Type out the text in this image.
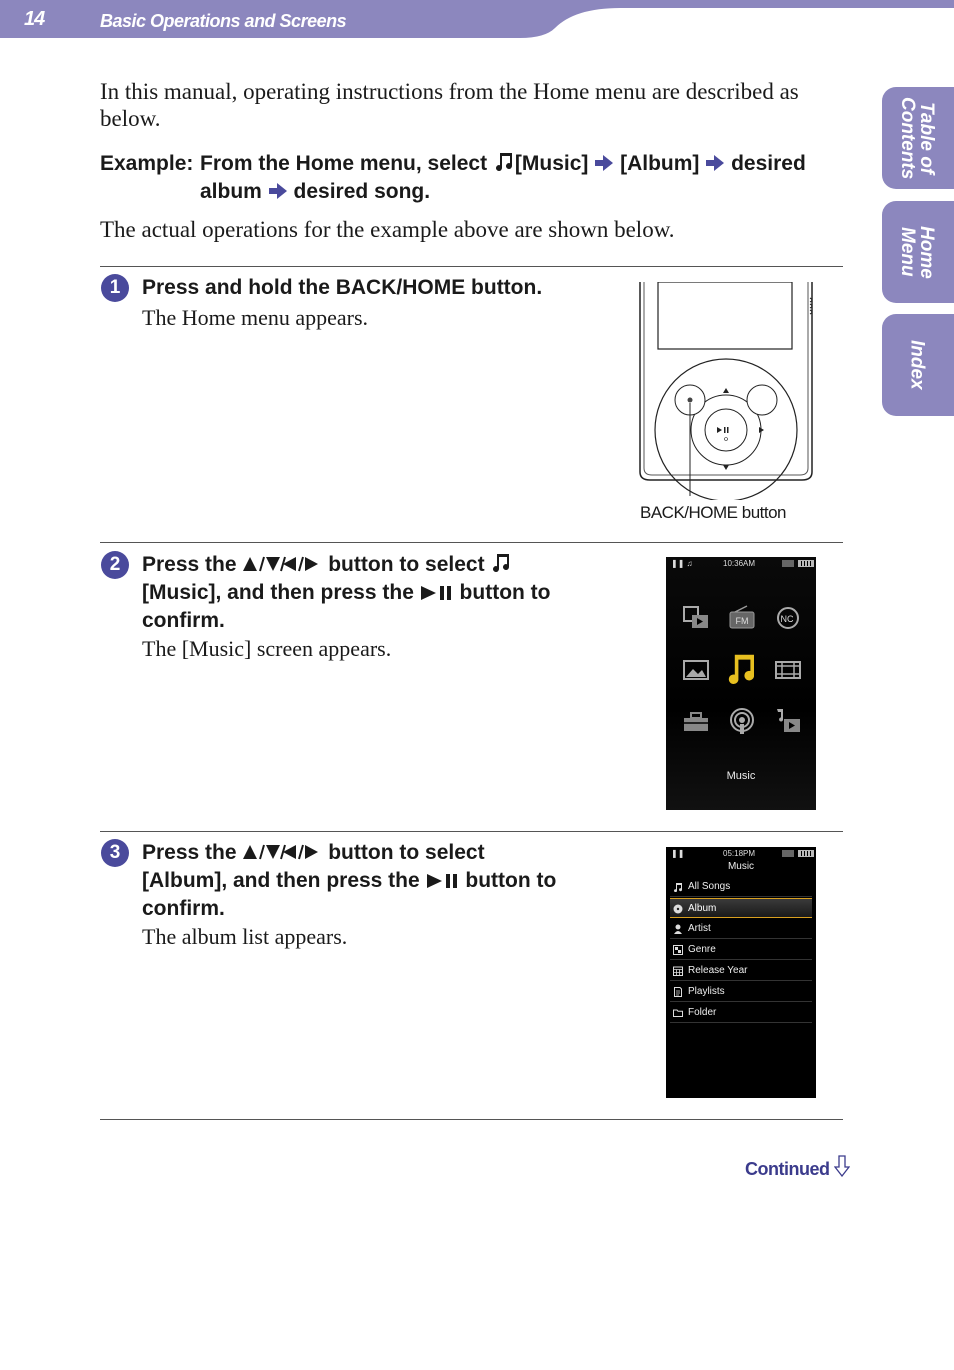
14	Basic Operations and Screens
Table of
Contents
Home
Menu
Index
In this manual, operating instructions from the Home menu are described as below.
Example: From the Home menu, select [Music] [Album] desired album desired song.
The actual operations for the example above are shown below.
1	Press and hold the BACK/HOME button.
The Home menu appears.
BACK/HOME button
2	Press the	button to select  [Music], and then press the  button to confirm.
The [Music] screen appears.
❚❚ ♫	10:36AM
FM	NC
Music
3	Press the	button to select [Album], and then press the  button to confirm.
The album list appears.
❚❚	05:18PM
Music
All Songs
Album
Artist
Genre
Release Year
Playlists
Folder
Continued
